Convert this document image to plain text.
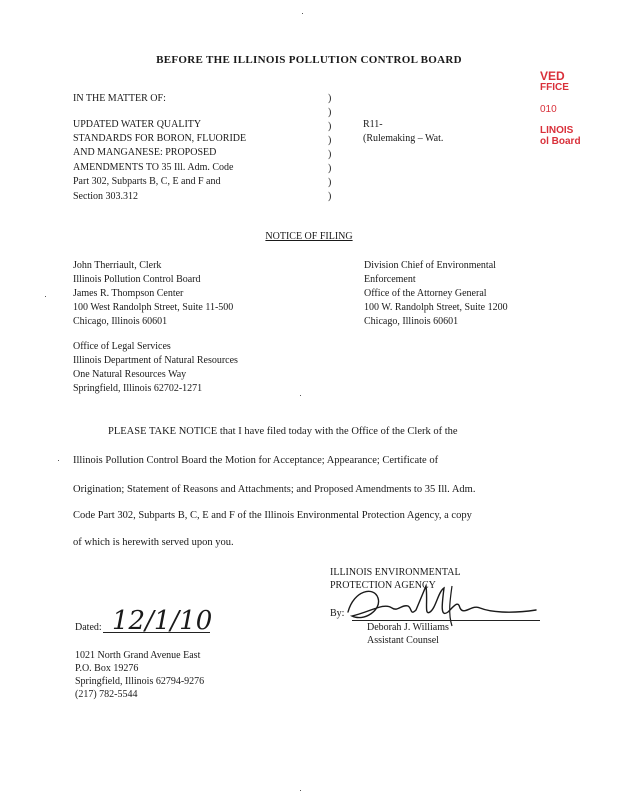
BEFORE THE ILLINOIS POLLUTION CONTROL BOARD
VED
FFICE
010
LINOIS
ol Board
IN THE MATTER OF:
UPDATED WATER QUALITY
STANDARDS FOR BORON, FLUORIDE
AND MANGANESE: PROPOSED
AMENDMENTS TO 35 Ill. Adm. Code
Part 302, Subparts B, C, E and F and
Section 303.312
)
)
)
)
)
)
)
)
R11-
(Rulemaking – Wat.
NOTICE OF FILING
John Therriault, Clerk
Illinois Pollution Control Board
James R. Thompson Center
100 West Randolph Street, Suite 11-500
Chicago, Illinois 60601
Division Chief of Environmental
Enforcement
Office of the Attorney General
100 W. Randolph Street, Suite 1200
Chicago, Illinois 60601
Office of Legal Services
Illinois Department of Natural Resources
One Natural Resources Way
Springfield, Illinois 62702-1271
PLEASE TAKE NOTICE that I have filed today with the Office of the Clerk of the
Illinois Pollution Control Board the Motion for Acceptance; Appearance; Certificate of
Origination; Statement of Reasons and Attachments; and Proposed Amendments to 35 Ill. Adm.
Code Part 302, Subparts B, C, E and F of the Illinois Environmental Protection Agency, a copy
of which is herewith served upon you.
ILLINOIS ENVIRONMENTAL
PROTECTION AGENCY
By:
Deborah J. Williams
Assistant Counsel
Dated: 12/1/10
1021 North Grand Avenue East
P.O. Box 19276
Springfield, Illinois 62794-9276
(217) 782-5544
